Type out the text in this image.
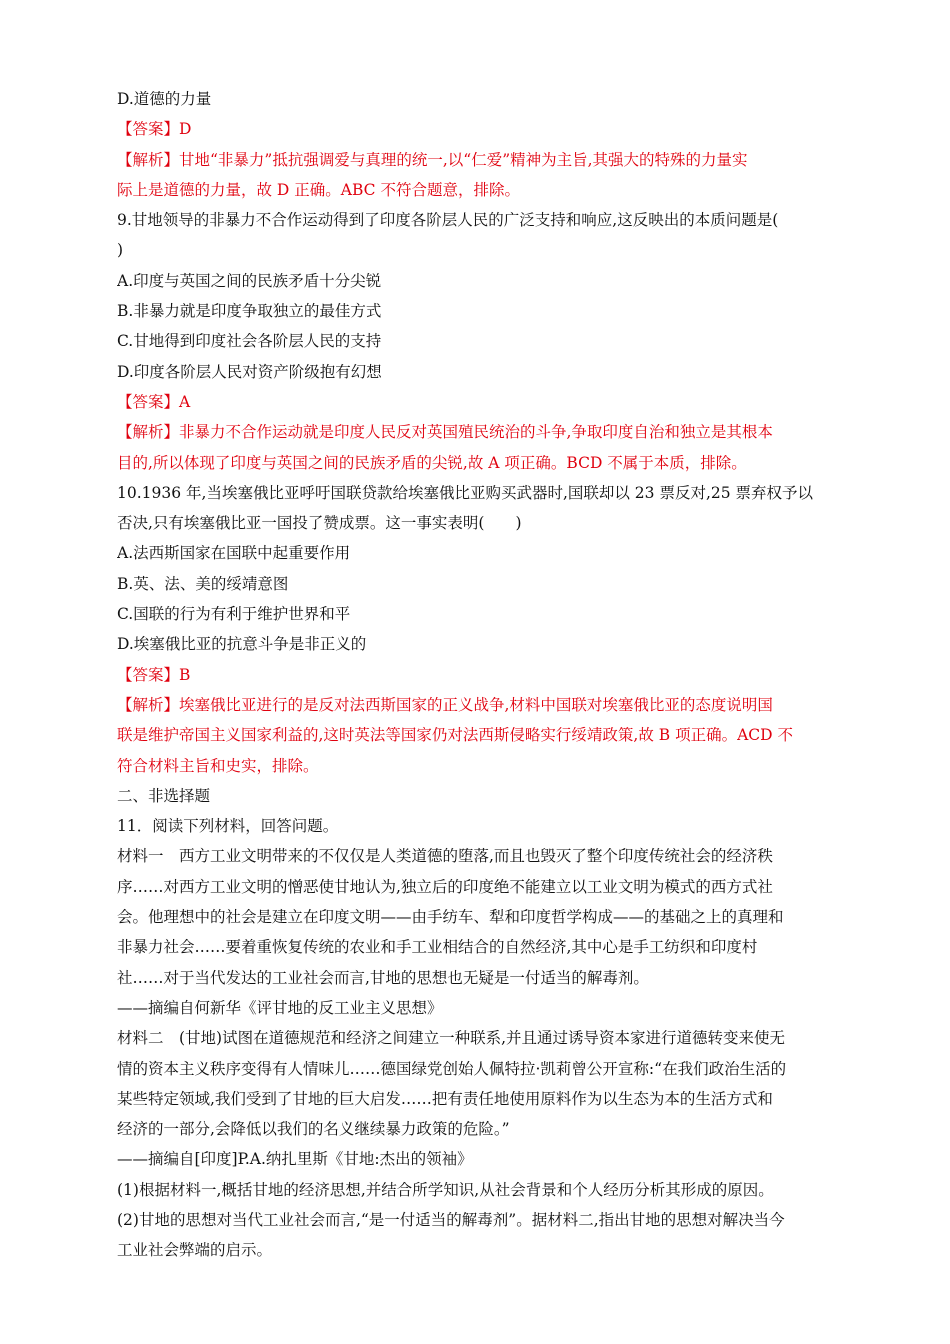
D.道德的力量
【答案】D
【解析】甘地“非暴力”抵抗强调爱与真理的统一,以“仁爱”精神为主旨,其强大的特殊的力量实
际上是道德的力量，故 D 正确。ABC 不符合题意，排除。
9.甘地领导的非暴力不合作运动得到了印度各阶层人民的广泛支持和响应,这反映出的本质问题是(
)
A.印度与英国之间的民族矛盾十分尖锐
B.非暴力就是印度争取独立的最佳方式
C.甘地得到印度社会各阶层人民的支持
D.印度各阶层人民对资产阶级抱有幻想
【答案】A
【解析】非暴力不合作运动就是印度人民反对英国殖民统治的斗争,争取印度自治和独立是其根本
目的,所以体现了印度与英国之间的民族矛盾的尖锐,故 A 项正确。BCD 不属于本质，排除。
10.1936 年,当埃塞俄比亚呼吁国联贷款给埃塞俄比亚购买武器时,国联却以 23 票反对,25 票弃权予以
否决,只有埃塞俄比亚一国投了赞成票。这一事实表明(　　)
A.法西斯国家在国联中起重要作用
B.英、法、美的绥靖意图
C.国联的行为有利于维护世界和平
D.埃塞俄比亚的抗意斗争是非正义的
【答案】B
【解析】埃塞俄比亚进行的是反对法西斯国家的正义战争,材料中国联对埃塞俄比亚的态度说明国
联是维护帝国主义国家利益的,这时英法等国家仍对法西斯侵略实行绥靖政策,故 B 项正确。ACD 不
符合材料主旨和史实，排除。
二、非选择题
11．阅读下列材料，回答问题。
材料一　西方工业文明带来的不仅仅是人类道德的堕落,而且也毁灭了整个印度传统社会的经济秩
序……对西方工业文明的憎恶使甘地认为,独立后的印度绝不能建立以工业文明为模式的西方式社
会。他理想中的社会是建立在印度文明——由手纺车、犁和印度哲学构成——的基础之上的真理和
非暴力社会……要着重恢复传统的农业和手工业相结合的自然经济,其中心是手工纺织和印度村
社……对于当代发达的工业社会而言,甘地的思想也无疑是一付适当的解毒剂。
——摘编自何新华《评甘地的反工业主义思想》
材料二　(甘地)试图在道德规范和经济之间建立一种联系,并且通过诱导资本家进行道德转变来使无
情的资本主义秩序变得有人情味儿……德国绿党创始人佩特拉·凯莉曾公开宣称:“在我们政治生活的
某些特定领域,我们受到了甘地的巨大启发……把有责任地使用原料作为以生态为本的生活方式和
经济的一部分,会降低以我们的名义继续暴力政策的危险。”
——摘编自[印度]P.A.纳扎里斯《甘地:杰出的领袖》
(1)根据材料一,概括甘地的经济思想,并结合所学知识,从社会背景和个人经历分析其形成的原因。
(2)甘地的思想对当代工业社会而言,“是一付适当的解毒剂”。据材料二,指出甘地的思想对解决当今
工业社会弊端的启示。
